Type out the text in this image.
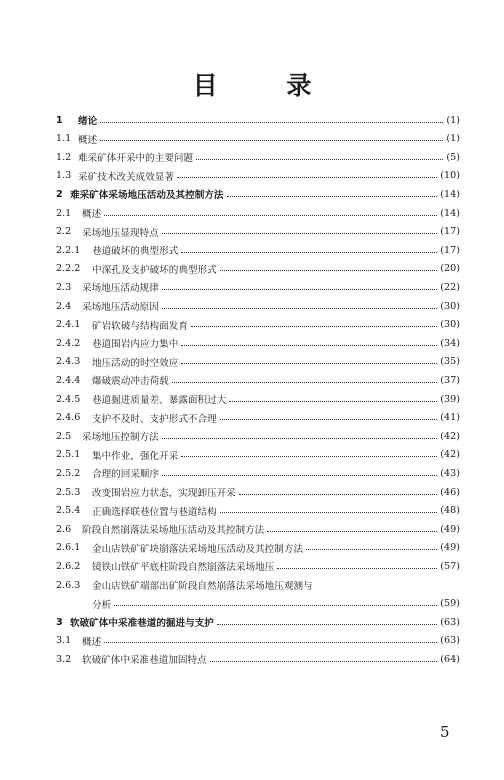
目 录
1	绪论	(1)
1.1 概述	(1)
1.2 难采矿体开采中的主要问题	(5)
1.3 采矿技术改关成效显著	(10)
2 难采矿体采场地压活动及其控制方法	(14)
2.1	概述	(14)
2.2	采场地压显现特点	(17)
2.2.1	巷道破坏的典型形式	(17)
2.2.2	中深孔及支护破坏的典型形式	(20)
2.3	采场地压活动规律	(22)
2.4	采场地压活动原因	(30)
2.4.1	矿岩软破与结构面发育	(30)
2.4.2	巷道围岩内应力集中	(34)
2.4.3	地压活动的时空效应	(35)
2.4.4	爆破震动冲击荷载	(37)
2.4.5	巷道掘进质量差、暴露面积过大	(39)
2.4.6	支护不及时、支护形式不合理	(41)
2.5	采场地压控制方法	(42)
2.5.1	集中作业，强化开采	(42)
2.5.2	合理的回采顺序	(43)
2.5.3	改变围岩应力状态，实现卸压开采	(46)
2.5.4	正确选择联巷位置与巷道结构	(48)
2.6	阶段自然崩落法采场地压活动及其控制方法	(49)
2.6.1	金山店铁矿矿块崩落法采场地压活动及其控制方法	(49)
2.6.2	镜铁山铁矿平底柱阶段自然崩落法采场地压	(57)
2.6.3	金山店铁矿端部出矿阶段自然崩落法采场地压观测与
分析	(59)
3 软破矿体中采准巷道的掘进与支护	(63)
3.1	概述	(63)
3.2	软破矿体中采准巷道加固特点	(64)
5
